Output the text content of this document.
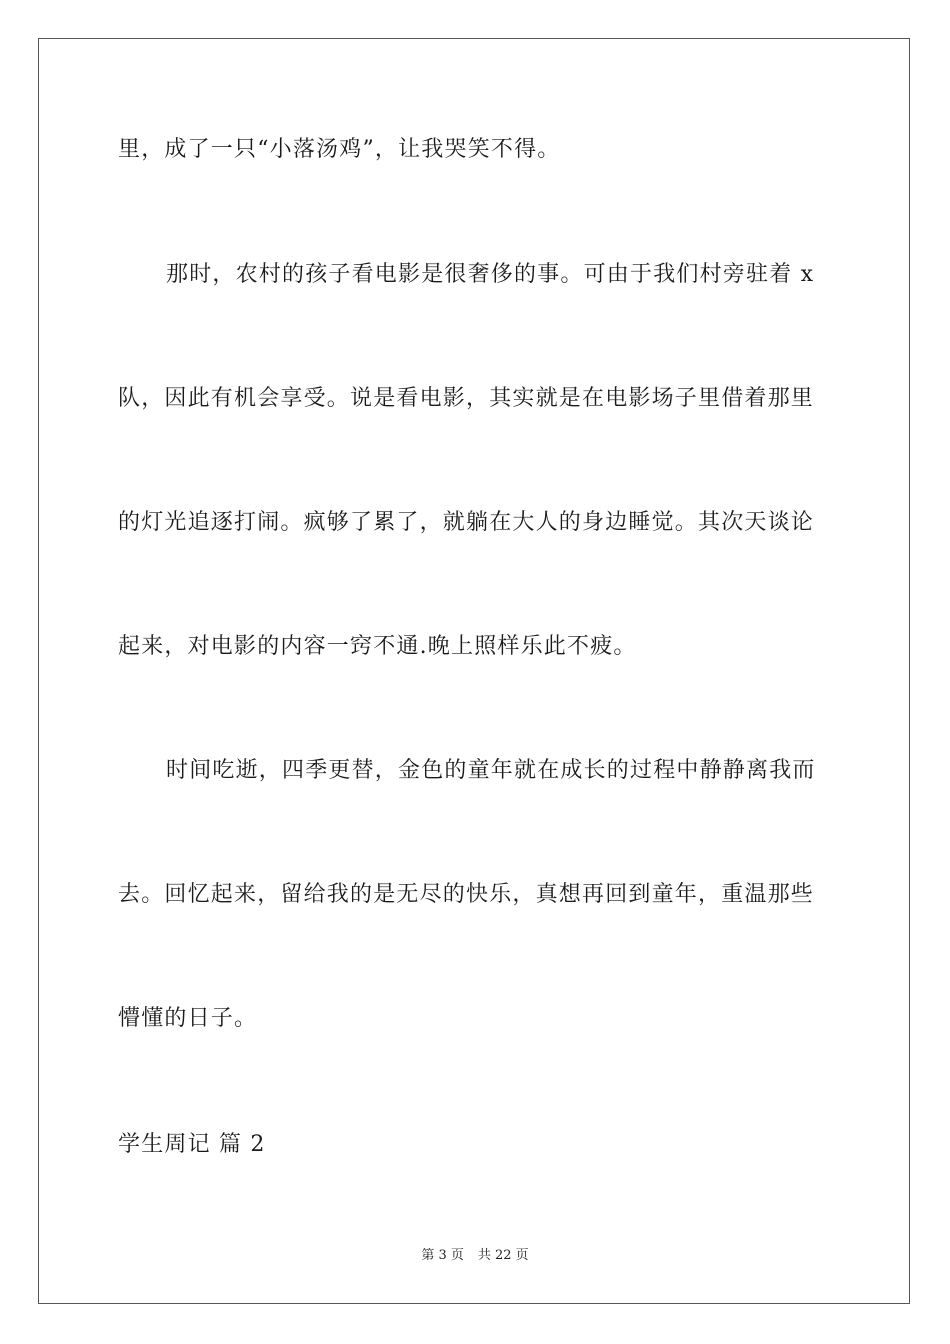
里，成了一只“小落汤鸡”，让我哭笑不得。
那时，农村的孩子看电影是很奢侈的事。可由于我们村旁驻着 x
队，因此有机会享受。说是看电影，其实就是在电影场子里借着那里
的灯光追逐打闹。疯够了累了，就躺在大人的身边睡觉。其次天谈论
起来，对电影的内容一窍不通.晚上照样乐此不疲。
时间吃逝，四季更替，金色的童年就在成长的过程中静静离我而
去。回忆起来，留给我的是无尽的快乐，真想再回到童年，重温那些
懵懂的日子。
学生周记 篇 2
第 3 页 共 22 页
